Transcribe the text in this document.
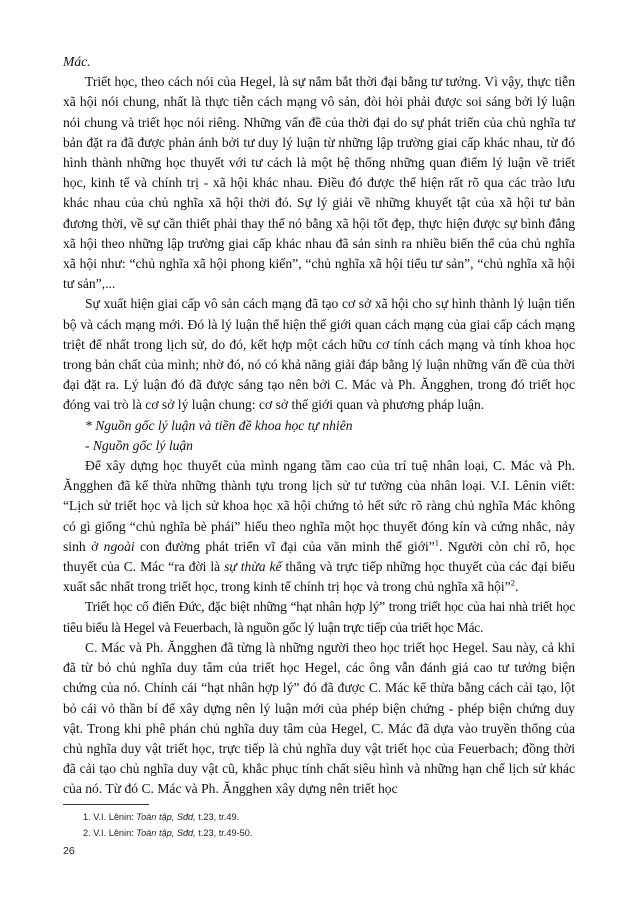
Mác.

Triết học, theo cách nói của Hegel, là sự nắm bắt thời đại bằng tư tưởng. Vì vậy, thực tiễn xã hội nói chung, nhất là thực tiễn cách mạng vô sản, đòi hỏi phải được soi sáng bởi lý luận nói chung và triết học nói riêng. Những vấn đề của thời đại do sự phát triển của chủ nghĩa tư bản đặt ra đã được phản ánh bởi tư duy lý luận từ những lập trường giai cấp khác nhau, từ đó hình thành những học thuyết với tư cách là một hệ thống những quan điểm lý luận về triết học, kinh tế và chính trị - xã hội khác nhau. Điều đó được thể hiện rất rõ qua các trào lưu khác nhau của chủ nghĩa xã hội thời đó. Sự lý giải về những khuyết tật của xã hội tư bản đương thời, về sự cần thiết phải thay thế nó bằng xã hội tốt đẹp, thực hiện được sự bình đẳng xã hội theo những lập trường giai cấp khác nhau đã sản sinh ra nhiều biến thể của chủ nghĩa xã hội như: “chủ nghĩa xã hội phong kiến”, “chủ nghĩa xã hội tiểu tư sản”, “chủ nghĩa xã hội tư sản”,...

Sự xuất hiện giai cấp vô sản cách mạng đã tạo cơ sở xã hội cho sự hình thành lý luận tiến bộ và cách mạng mới. Đó là lý luận thể hiện thế giới quan cách mạng của giai cấp cách mạng triệt để nhất trong lịch sử, do đó, kết hợp một cách hữu cơ tính cách mạng và tính khoa học trong bản chất của mình; nhờ đó, nó có khả năng giải đáp bằng lý luận những vấn đề của thời đại đặt ra. Lý luận đó đã được sáng tạo nên bởi C. Mác và Ph. Ăngghen, trong đó triết học đóng vai trò là cơ sở lý luận chung: cơ sở thế giới quan và phương pháp luận.

* Nguồn gốc lý luận và tiền đề khoa học tự nhiên

- Nguồn gốc lý luận

Để xây dựng học thuyết của mình ngang tầm cao của trí tuệ nhân loại, C. Mác và Ph. Ăngghen đã kế thừa những thành tựu trong lịch sử tư tưởng của nhân loại. V.I. Lênin viết: “Lịch sử triết học và lịch sử khoa học xã hội chứng tỏ hết sức rõ ràng chủ nghĩa Mác không có gì giống “chủ nghĩa bè phái” hiểu theo nghĩa một học thuyết đóng kín và cứng nhắc, nảy sinh ở ngoài con đường phát triển vĩ đại của văn minh thế giới”$^1$. Người còn chỉ rõ, học thuyết của C. Mác “ra đời là sự thừa kế thẳng và trực tiếp những học thuyết của các đại biểu xuất sắc nhất trong triết học, trong kinh tế chính trị học và trong chủ nghĩa xã hội”$^2$.

Triết học cổ điển Đức, đặc biệt những “hạt nhân hợp lý” trong triết học của hai nhà triết học tiêu biểu là Hegel và Feuerbach, là nguồn gốc lý luận trực tiếp của triết học Mác.

C. Mác và Ph. Ăngghen đã từng là những người theo học triết học Hegel. Sau này, cả khi đã từ bỏ chủ nghĩa duy tâm của triết học Hegel, các ông vẫn đánh giá cao tư tưởng biện chứng của nó. Chính cái “hạt nhân hợp lý” đó đã được C. Mác kế thừa bằng cách cải tạo, lột bỏ cái vỏ thần bí để xây dựng nên lý luận mới của phép biện chứng - phép biện chứng duy vật. Trong khi phê phán chủ nghĩa duy tâm của Hegel, C. Mác đã dựa vào truyền thống của chủ nghĩa duy vật triết học, trực tiếp là chủ nghĩa duy vật triết học của Feuerbach; đồng thời đã cải tạo chủ nghĩa duy vật cũ, khắc phục tính chất siêu hình và những hạn chế lịch sử khác của nó. Từ đó C. Mác và Ph. Ăngghen xây dựng nên triết học

1. V.I. Lênin: Toàn tập, Sđd, t.23, tr.49.
2. V.I. Lênin: Toàn tập, Sđd, t.23, tr.49-50.
26
